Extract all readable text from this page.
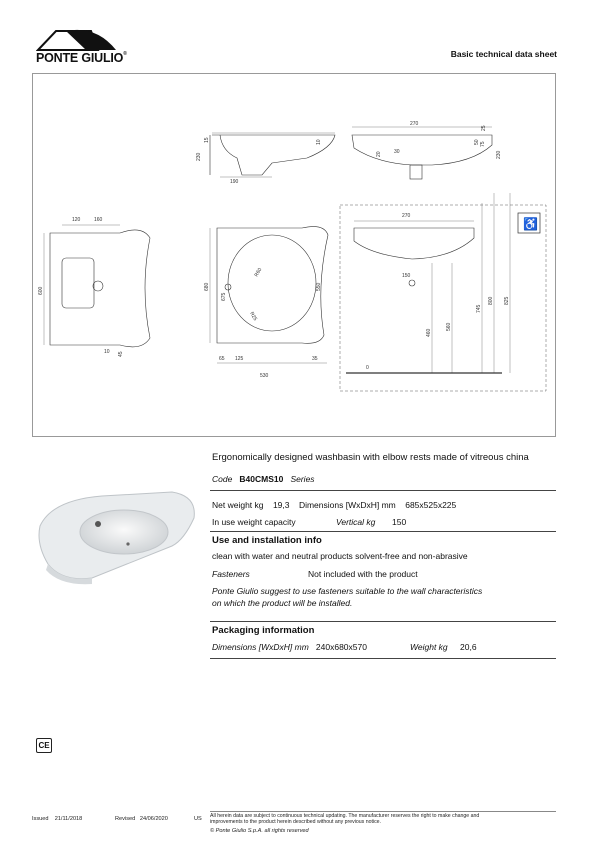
PONTE GIULIO®	Basic technical data sheet
230
15
190
10
270
25
30
50 75
230
20
120	160
600
10 45
R60
R25
680
675
550
65 125	35
530
♿
270
150
460
560
745
800 825
0
Ergonomically designed washbasin with elbow rests made of vitreous china
Code B40CMS10 Series
Net weight kg 19,3 Dimensions [WxDxH] mm 685x525x225
In use weight capacity	Vertical kg 150
Use and installation info
clean with water and neutral products solvent-free and non-abrasive
Fasteners	Not included with the product
Ponte Giulio suggest to use fasteners suitable to the wall characteristics
on which the product will be installed.
Packaging information
Dimensions [WxDxH] mm 240x680x570	Weight kg 20,6
CE
Issued 21/11/2018	Revised 24/06/2020	US All herein data are subject to continuous technical updating. The manufacturer reserves the right to make change and
improvements to the product herein described without any previous notice.
© Ponte Giulio S.p.A. all rights reserved
